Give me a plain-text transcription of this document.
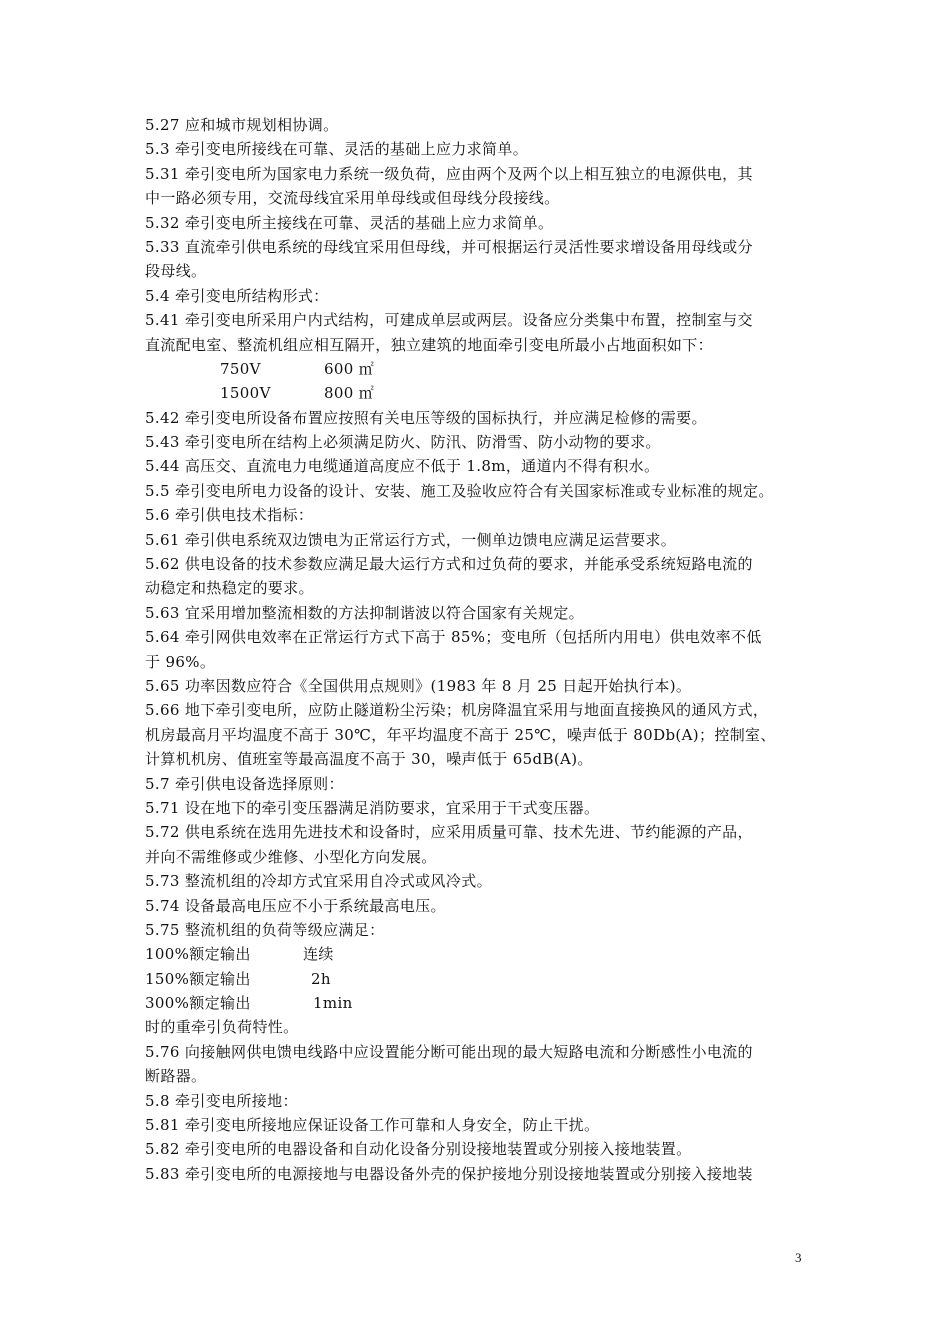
5.27 应和城市规划相协调。
5.3 牵引变电所接线在可靠、灵活的基础上应力求简单。
5.31 牵引变电所为国家电力系统一级负荷，应由两个及两个以上相互独立的电源供电，其
中一路必须专用，交流母线宜采用单母线或但母线分段接线。
5.32 牵引变电所主接线在可靠、灵活的基础上应力求简单。
5.33 直流牵引供电系统的母线宜采用但母线，并可根据运行灵活性要求增设备用母线或分
段母线。
5.4 牵引变电所结构形式：
5.41 牵引变电所采用户内式结构，可建成单层或两层。设备应分类集中布置，控制室与交
直流配电室、整流机组应相互隔开，独立建筑的地面牵引变电所最小占地面积如下：
750V	600 ㎡
1500V	800 ㎡
5.42 牵引变电所设备布置应按照有关电压等级的国标执行，并应满足检修的需要。
5.43 牵引变电所在结构上必须满足防火、防汛、防滑雪、防小动物的要求。
5.44 高压交、直流电力电缆通道高度应不低于 1.8m，通道内不得有积水。
5.5 牵引变电所电力设备的设计、安装、施工及验收应符合有关国家标准或专业标准的规定。
5.6 牵引供电技术指标：
5.61 牵引供电系统双边馈电为正常运行方式，一侧单边馈电应满足运营要求。
5.62 供电设备的技术参数应满足最大运行方式和过负荷的要求，并能承受系统短路电流的
动稳定和热稳定的要求。
5.63 宜采用增加整流相数的方法抑制谐波以符合国家有关规定。
5.64 牵引网供电效率在正常运行方式下高于 85%；变电所（包括所内用电）供电效率不低
于 96%。
5.65 功率因数应符合《全国供用点规则》(1983 年 8 月 25 日起开始执行本)。
5.66 地下牵引变电所，应防止隧道粉尘污染；机房降温宜采用与地面直接换风的通风方式，
机房最高月平均温度不高于 30℃，年平均温度不高于 25℃，噪声低于 80Db(A)；控制室、
计算机机房、值班室等最高温度不高于 30，噪声低于 65dB(A)。
5.7 牵引供电设备选择原则：
5.71 设在地下的牵引变压器满足消防要求，宜采用于干式变压器。
5.72 供电系统在选用先进技术和设备时，应采用质量可靠、技术先进、节约能源的产品，
并向不需维修或少维修、小型化方向发展。
5.73 整流机组的冷却方式宜采用自冷式或风冷式。
5.74 设备最高电压应不小于系统最高电压。
5.75 整流机组的负荷等级应满足：
100%额定输出	连续
150%额定输出	2h
300%额定输出	1min
时的重牵引负荷特性。
5.76 向接触网供电馈电线路中应设置能分断可能出现的最大短路电流和分断感性小电流的
断路器。
5.8 牵引变电所接地：
5.81 牵引变电所接地应保证设备工作可靠和人身安全，防止干扰。
5.82 牵引变电所的电器设备和自动化设备分别设接地装置或分别接入接地装置。
5.83 牵引变电所的电源接地与电器设备外壳的保护接地分别设接地装置或分别接入接地装
3
